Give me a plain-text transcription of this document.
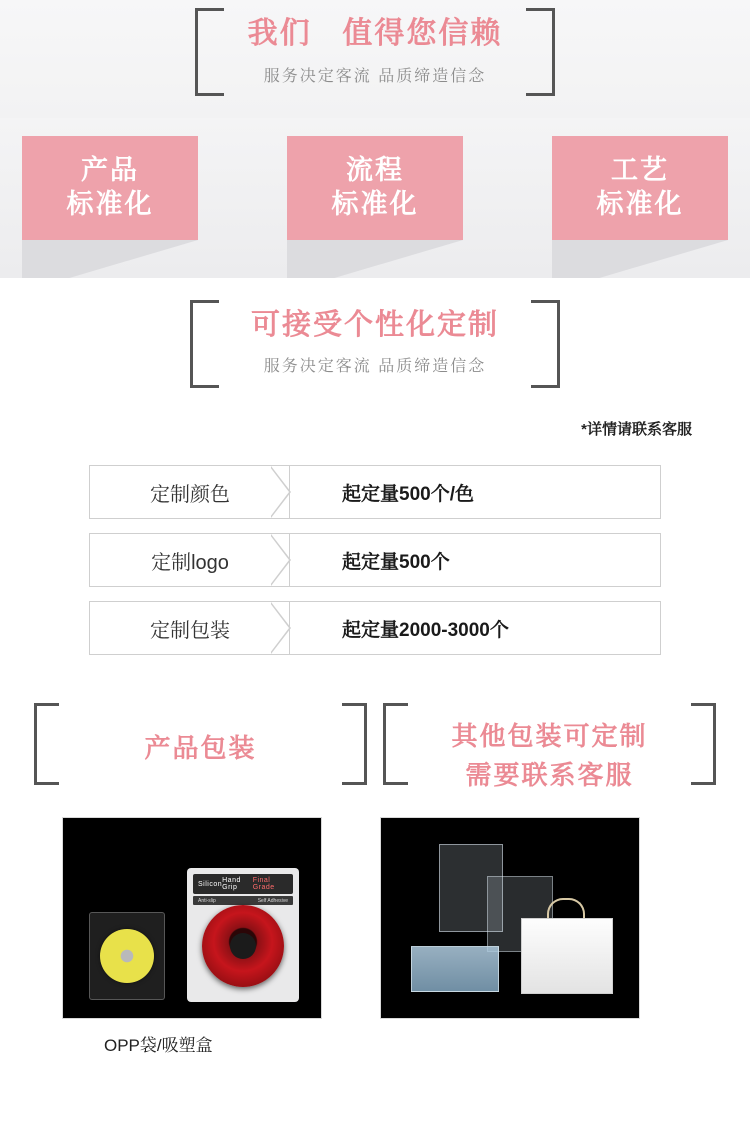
我们 值得您信赖
服务决定客流 品质缔造信念
产品
标准化
流程
标准化
工艺
标准化
可接受个性化定制
服务决定客流 品质缔造信念
*详情请联系客服
定制颜色	起定量500个/色
定制logo	起定量500个
定制包装	起定量2000-3000个
产品包装	其他包装可定制
需要联系客服
Silicon Hand Grip
Final Grade
Anti-slip	Self Adhesive
OPP袋/吸塑盒
